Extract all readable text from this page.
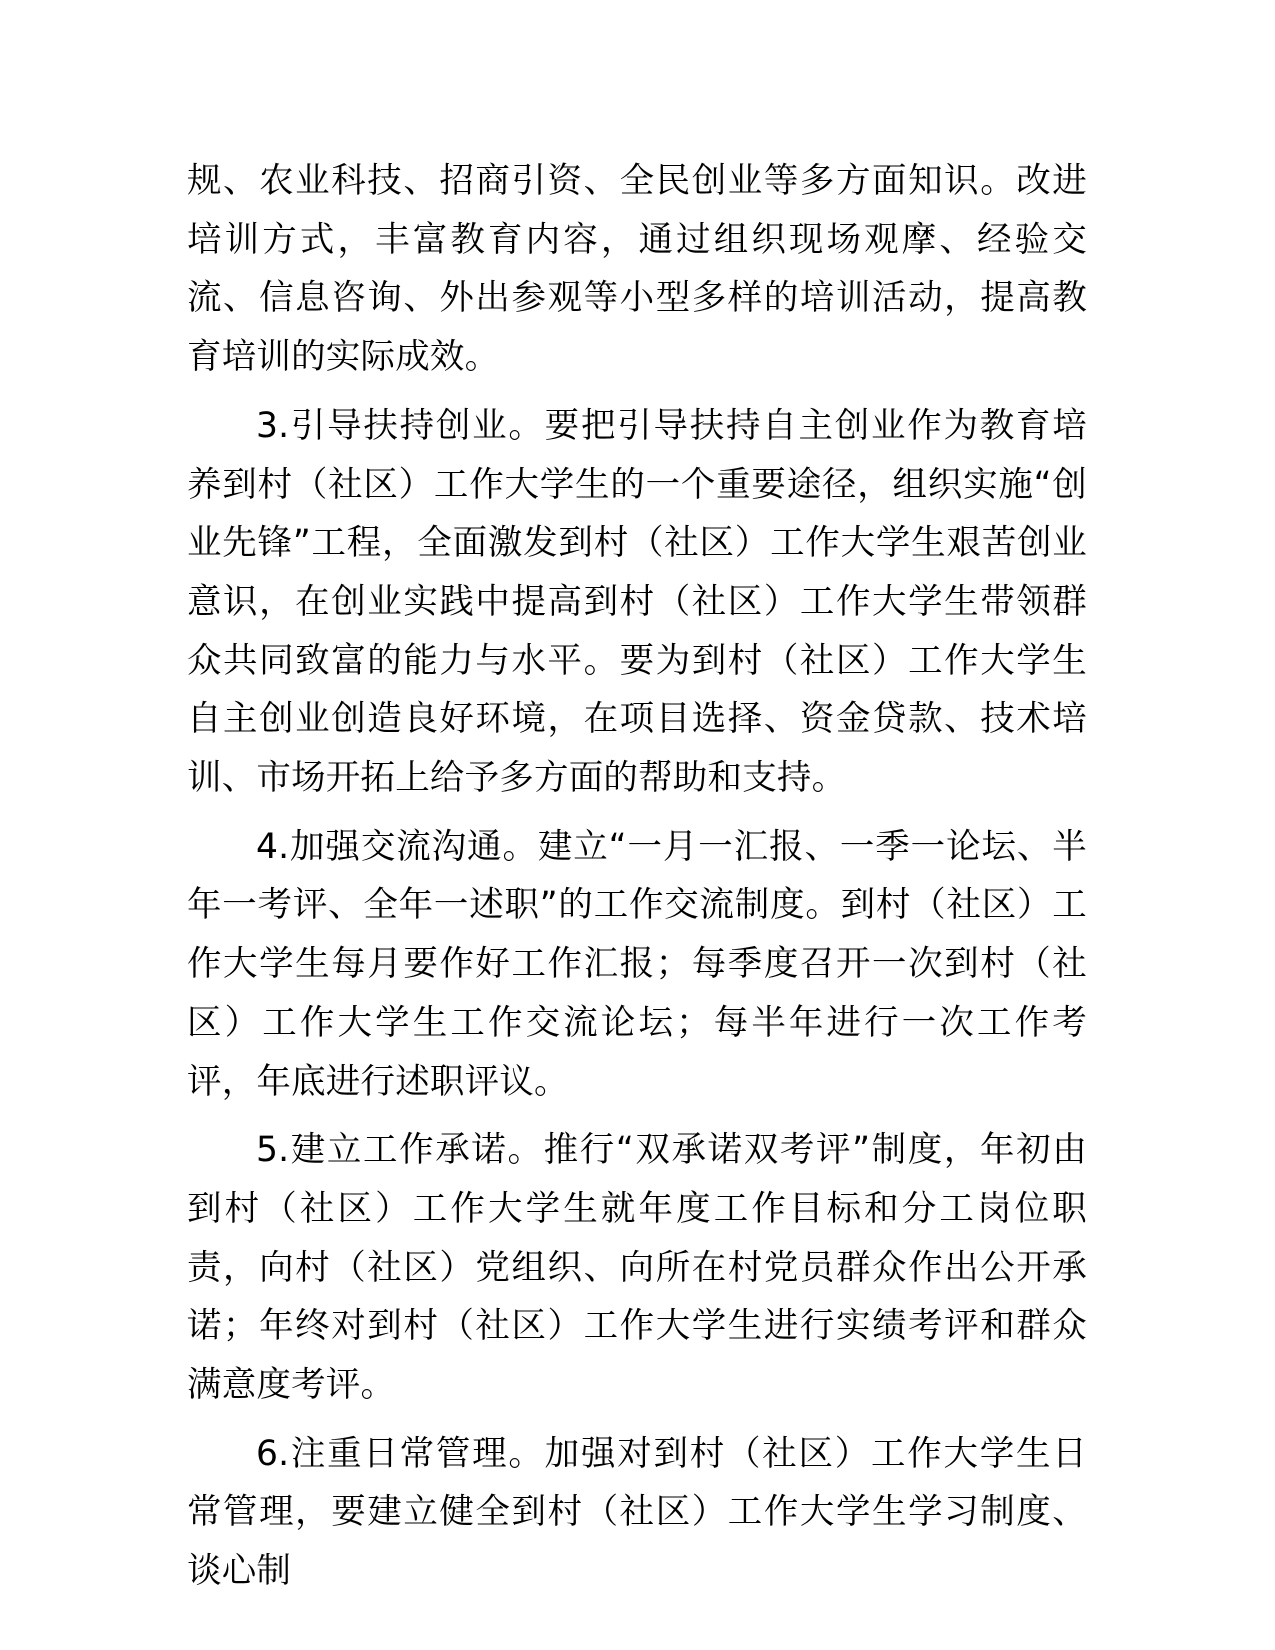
规、农业科技、招商引资、全民创业等多方面知识。改进培训方式，丰富教育内容，通过组织现场观摩、经验交流、信息咨询、外出参观等小型多样的培训活动，提高教育培训的实际成效。

3.引导扶持创业。要把引导扶持自主创业作为教育培养到村（社区）工作大学生的一个重要途径，组织实施“创业先锋”工程，全面激发到村（社区）工作大学生艰苦创业意识，在创业实践中提高到村（社区）工作大学生带领群众共同致富的能力与水平。要为到村（社区）工作大学生自主创业创造良好环境，在项目选择、资金贷款、技术培训、市场开拓上给予多方面的帮助和支持。

4.加强交流沟通。建立“一月一汇报、一季一论坛、半年一考评、全年一述职”的工作交流制度。到村（社区）工作大学生每月要作好工作汇报；每季度召开一次到村（社区）工作大学生工作交流论坛；每半年进行一次工作考评，年底进行述职评议。

5.建立工作承诺。推行“双承诺双考评”制度，年初由到村（社区）工作大学生就年度工作目标和分工岗位职责，向村（社区）党组织、向所在村党员群众作出公开承诺；年终对到村（社区）工作大学生进行实绩考评和群众满意度考评。

6.注重日常管理。加强对到村（社区）工作大学生日常管理，要建立健全到村（社区）工作大学生学习制度、谈心制
